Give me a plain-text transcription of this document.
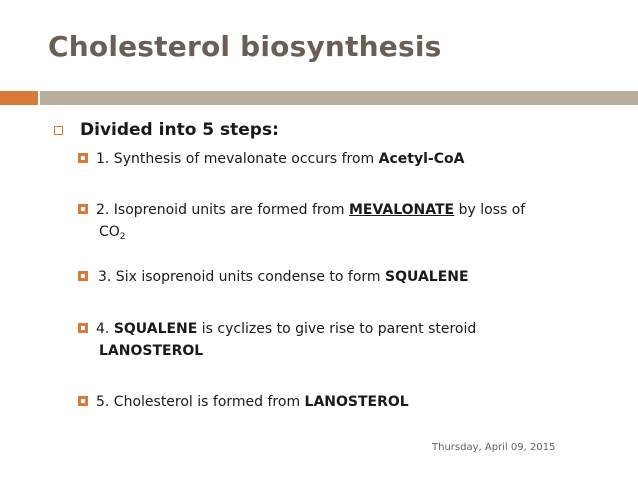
Cholesterol biosynthesis
Divided into 5 steps:
1. Synthesis of mevalonate occurs from Acetyl-CoA
2. Isoprenoid units are formed from MEVALONATE by loss of
$CO_2$
3. Six isoprenoid units condense to form SQUALENE
4. SQUALENE is cyclizes to give rise to parent steroid
LANOSTEROL
5. Cholesterol is formed from LANOSTEROL
Thursday, April 09, 2015
